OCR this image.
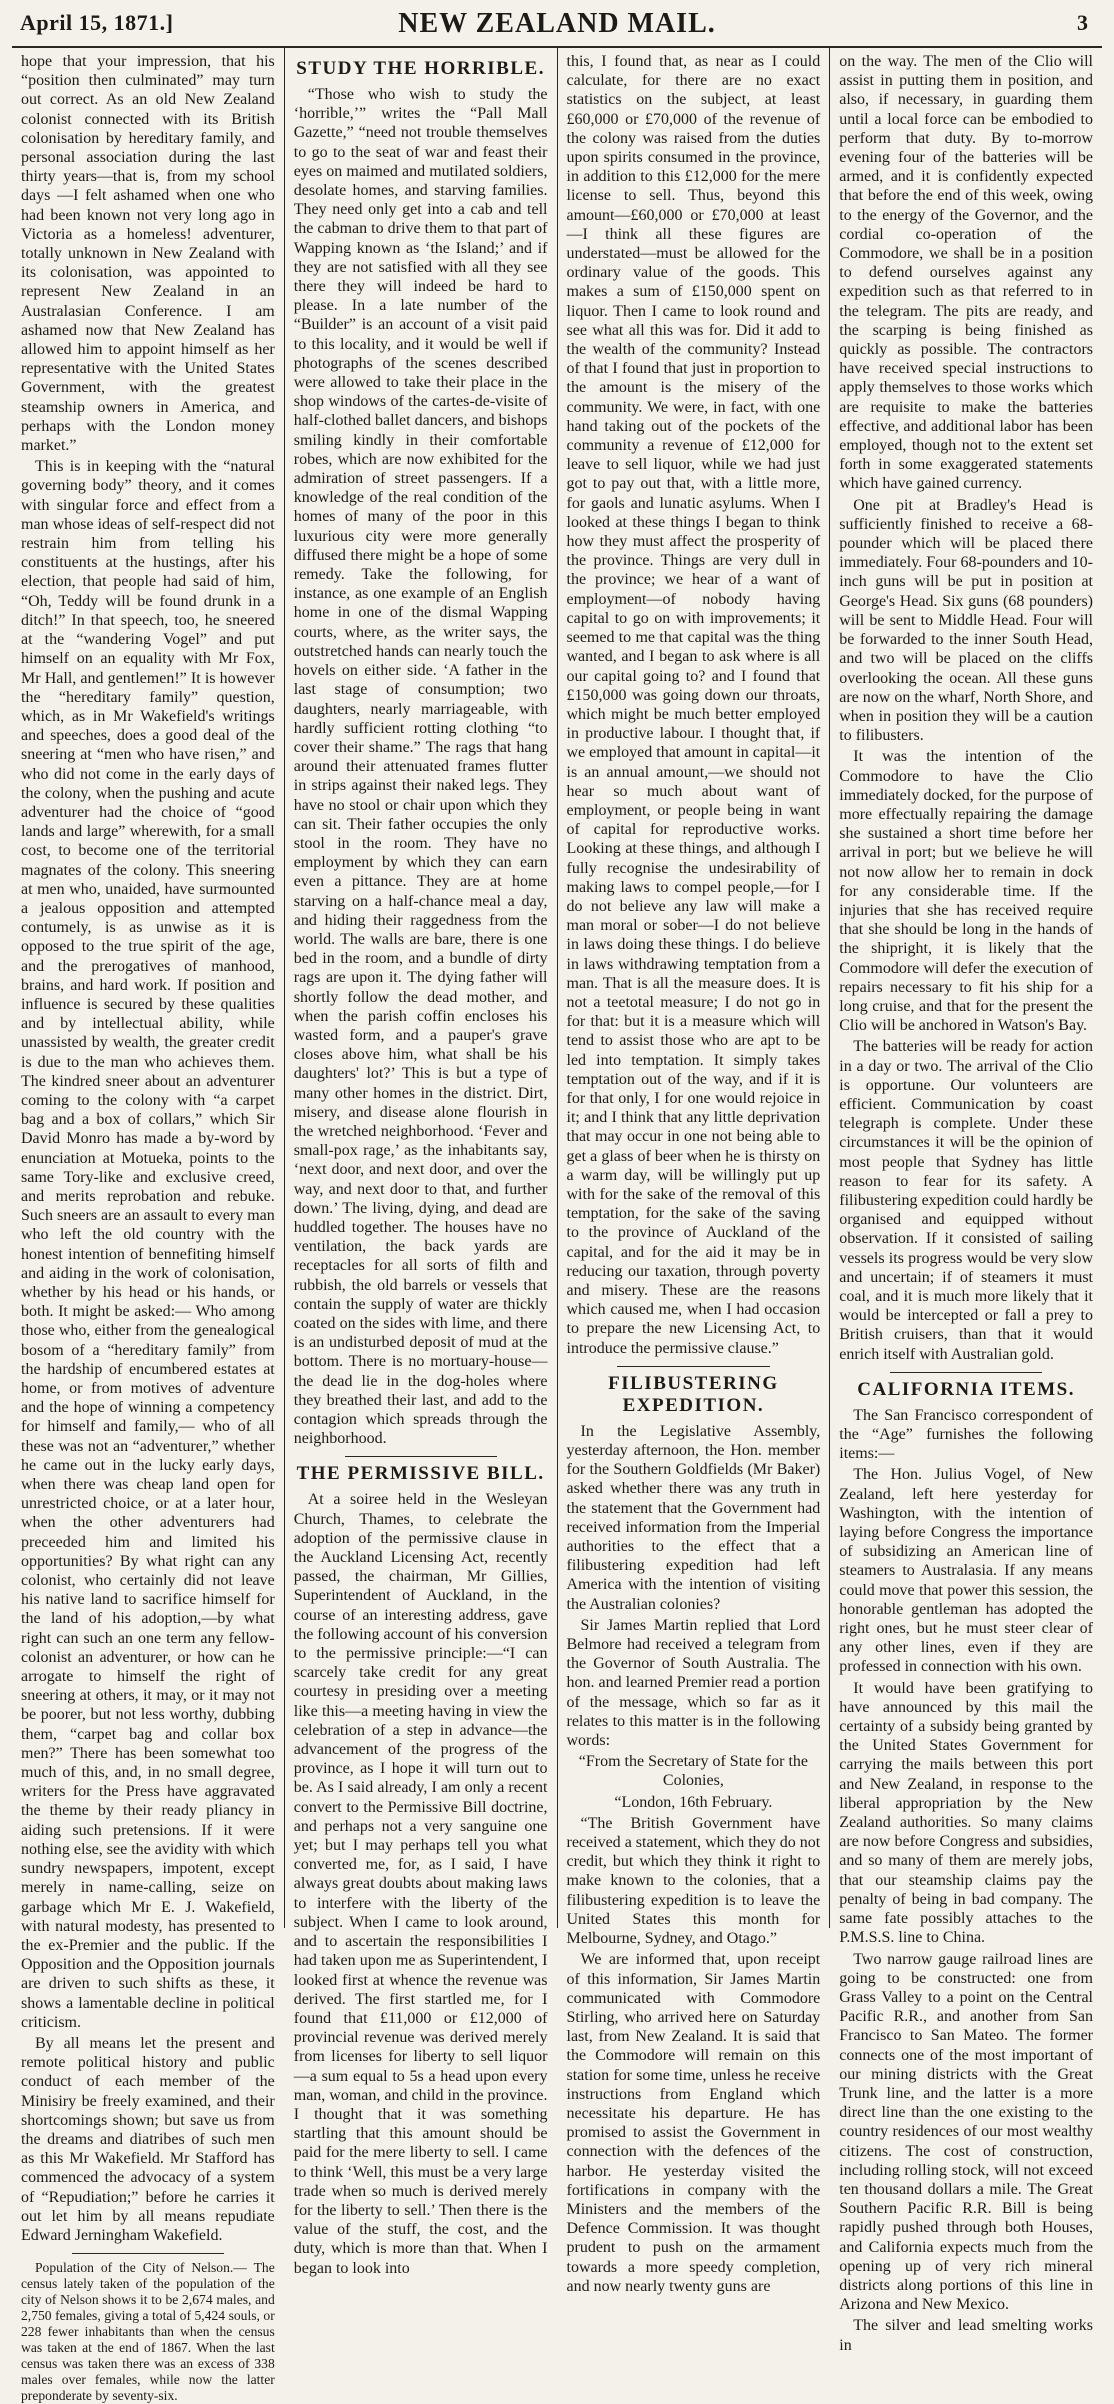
April 15, 1871.]	NEW ZEALAND MAIL.	3

hope that your impression, that his “position then culminated” may turn out correct. As an old New Zealand colonist connected with its British colonisation by hereditary family, and personal association during the last thirty years—that is, from my school days —I felt ashamed when one who had been known not very long ago in Victoria as a homeless! adventurer, totally unknown in New Zealand with its colonisation, was appointed to represent New Zealand in an Australasian Conference. I am ashamed now that New Zealand has allowed him to appoint himself as her representative with the United States Government, with the greatest steamship owners in America, and perhaps with the London money market.”

This is in keeping with the “natural governing body” theory, and it comes with singular force and effect from a man whose ideas of self-respect did not restrain him from telling his constituents at the hustings, after his election, that people had said of him, “Oh, Teddy will be found drunk in a ditch!” In that speech, too, he sneered at the “wandering Vogel” and put himself on an equality with Mr Fox, Mr Hall, and gentlemen!” It is however the “hereditary family” question, which, as in Mr Wakefield's writings and speeches, does a good deal of the sneering at “men who have risen,” and who did not come in the early days of the colony, when the pushing and acute adventurer had the choice of “good lands and large” wherewith, for a small cost, to become one of the territorial magnates of the colony. This sneering at men who, unaided, have surmounted a jealous opposition and attempted contumely, is as unwise as it is opposed to the true spirit of the age, and the prerogatives of manhood, brains, and hard work. If position and influence is secured by these qualities and by intellectual ability, while unassisted by wealth, the greater credit is due to the man who achieves them. The kindred sneer about an adventurer coming to the colony with “a carpet bag and a box of collars,” which Sir David Monro has made a by-word by enunciation at Motueka, points to the same Tory-like and exclusive creed, and merits reprobation and rebuke. Such sneers are an assault to every man who left the old country with the honest intention of bennefiting himself and aiding in the work of colonisation, whether by his head or his hands, or both. It might be asked:— Who among those who, either from the genealogical bosom of a “hereditary family” from the hardship of encumbered estates at home, or from motives of adventure and the hope of winning a competency for himself and family,— who of all these was not an “adventurer,” whether he came out in the lucky early days, when there was cheap land open for unrestricted choice, or at a later hour, when the other adventurers had preceeded him and limited his opportunities? By what right can any colonist, who certainly did not leave his native land to sacrifice himself for the land of his adoption,—by what right can such an one term any fellow-colonist an adventurer, or how can he arrogate to himself the right of sneering at others, it may, or it may not be poorer, but not less worthy, dubbing them, “carpet bag and collar box men?” There has been somewhat too much of this, and, in no small degree, writers for the Press have aggravated the theme by their ready pliancy in aiding such pretensions. If it were nothing else, see the avidity with which sundry newspapers, impotent, except merely in name-calling, seize on garbage which Mr E. J. Wakefield, with natural modesty, has presented to the ex-Premier and the public. If the Opposition and the Opposition journals are driven to such shifts as these, it shows a lamentable decline in political criticism.

By all means let the present and remote political history and public conduct of each member of the Minisiry be freely examined, and their shortcomings shown; but save us from the dreams and diatribes of such men as this Mr Wakefield. Mr Stafford has commenced the advocacy of a system of “Repudiation;” before he carries it out let him by all means repudiate Edward Jerningham Wakefield.

Population of the City of Nelson.— The census lately taken of the population of the city of Nelson shows it to be 2,674 males, and 2,750 females, giving a total of 5,424 souls, or 228 fewer inhabitants than when the census was taken at the end of 1867. When the last census was taken there was an excess of 338 males over females, while now the latter preponderate by seventy-six.

STUDY THE HORRIBLE.

“Those who wish to study the ‘horrible,’” writes the “Pall Mall Gazette,” “need not trouble themselves to go to the seat of war and feast their eyes on maimed and mutilated soldiers, desolate homes, and starving families. They need only get into a cab and tell the cabman to drive them to that part of Wapping known as ‘the Island;’ and if they are not satisfied with all they see there they will indeed be hard to please. In a late number of the “Builder” is an account of a visit paid to this locality, and it would be well if photographs of the scenes described were allowed to take their place in the shop windows of the cartes-de-visite of half-clothed ballet dancers, and bishops smiling kindly in their comfortable robes, which are now exhibited for the admiration of street passengers. If a knowledge of the real condition of the homes of many of the poor in this luxurious city were more generally diffused there might be a hope of some remedy. Take the following, for instance, as one example of an English home in one of the dismal Wapping courts, where, as the writer says, the outstretched hands can nearly touch the hovels on either side. ‘A father in the last stage of consumption; two daughters, nearly marriageable, with hardly sufficient rotting clothing “to cover their shame.” The rags that hang around their attenuated frames flutter in strips against their naked legs. They have no stool or chair upon which they can sit. Their father occupies the only stool in the room. They have no employment by which they can earn even a pittance. They are at home starving on a half-chance meal a day, and hiding their raggedness from the world. The walls are bare, there is one bed in the room, and a bundle of dirty rags are upon it. The dying father will shortly follow the dead mother, and when the parish coffin encloses his wasted form, and a pauper's grave closes above him, what shall be his daughters' lot?’ This is but a type of many other homes in the district. Dirt, misery, and disease alone flourish in the wretched neighborhood. ‘Fever and small-pox rage,’ as the inhabitants say, ‘next door, and next door, and over the way, and next door to that, and further down.’ The living, dying, and dead are huddled together. The houses have no ventilation, the back yards are receptacles for all sorts of filth and rubbish, the old barrels or vessels that contain the supply of water are thickly coated on the sides with lime, and there is an undisturbed deposit of mud at the bottom. There is no mortuary-house—the dead lie in the dog-holes where they breathed their last, and add to the contagion which spreads through the neighborhood.

THE PERMISSIVE BILL.

At a soiree held in the Wesleyan Church, Thames, to celebrate the adoption of the permissive clause in the Auckland Licensing Act, recently passed, the chairman, Mr Gillies, Superintendent of Auckland, in the course of an interesting address, gave the following account of his conversion to the permissive principle:—“I can scarcely take credit for any great courtesy in presiding over a meeting like this—a meeting having in view the celebration of a step in advance—the advancement of the progress of the province, as I hope it will turn out to be. As I said already, I am only a recent convert to the Permissive Bill doctrine, and perhaps not a very sanguine one yet; but I may perhaps tell you what converted me, for, as I said, I have always great doubts about making laws to interfere with the liberty of the subject. When I came to look around, and to ascertain the responsibilities I had taken upon me as Superintendent, I looked first at whence the revenue was derived. The first startled me, for I found that £11,000 or £12,000 of provincial revenue was derived merely from licenses for liberty to sell liquor—a sum equal to 5s a head upon every man, woman, and child in the province. I thought that it was something startling that this amount should be paid for the mere liberty to sell. I came to think ‘Well, this must be a very large trade when so much is derived merely for the liberty to sell.’ Then there is the value of the stuff, the cost, and the duty, which is more than that. When I began to look into

this, I found that, as near as I could calculate, for there are no exact statistics on the subject, at least £60,000 or £70,000 of the revenue of the colony was raised from the duties upon spirits consumed in the province, in addition to this £12,000 for the mere license to sell. Thus, beyond this amount—£60,000 or £70,000 at least—I think all these figures are understated—must be allowed for the ordinary value of the goods. This makes a sum of £150,000 spent on liquor. Then I came to look round and see what all this was for. Did it add to the wealth of the community? Instead of that I found that just in proportion to the amount is the misery of the community. We were, in fact, with one hand taking out of the pockets of the community a revenue of £12,000 for leave to sell liquor, while we had just got to pay out that, with a little more, for gaols and lunatic asylums. When I looked at these things I began to think how they must affect the prosperity of the province. Things are very dull in the province; we hear of a want of employment—of nobody having capital to go on with improvements; it seemed to me that capital was the thing wanted, and I began to ask where is all our capital going to? and I found that £150,000 was going down our throats, which might be much better employed in productive labour. I thought that, if we employed that amount in capital—it is an annual amount,—we should not hear so much about want of employment, or people being in want of capital for reproductive works. Looking at these things, and although I fully recognise the undesirability of making laws to compel people,—for I do not believe any law will make a man moral or sober—I do not believe in laws doing these things. I do believe in laws withdrawing temptation from a man. That is all the measure does. It is not a teetotal measure; I do not go in for that: but it is a measure which will tend to assist those who are apt to be led into temptation. It simply takes temptation out of the way, and if it is for that only, I for one would rejoice in it; and I think that any little deprivation that may occur in one not being able to get a glass of beer when he is thirsty on a warm day, will be willingly put up with for the sake of the removal of this temptation, for the sake of the saving to the province of Auckland of the capital, and for the aid it may be in reducing our taxation, through poverty and misery. These are the reasons which caused me, when I had occasion to prepare the new Licensing Act, to introduce the permissive clause.”

FILIBUSTERING EXPEDITION.

In the Legislative Assembly, yesterday afternoon, the Hon. member for the Southern Goldfields (Mr Baker) asked whether there was any truth in the statement that the Government had received information from the Imperial authorities to the effect that a filibustering expedition had left America with the intention of visiting the Australian colonies?

Sir James Martin replied that Lord Belmore had received a telegram from the Governor of South Australia. The hon. and learned Premier read a portion of the message, which so far as it relates to this matter is in the following words:

“From the Secretary of State for the Colonies,

“London, 16th February.

“The British Government have received a statement, which they do not credit, but which they think it right to make known to the colonies, that a filibustering expedition is to leave the United States this month for Melbourne, Sydney, and Otago.”

We are informed that, upon receipt of this information, Sir James Martin communicated with Commodore Stirling, who arrived here on Saturday last, from New Zealand. It is said that the Commodore will remain on this station for some time, unless he receive instructions from England which necessitate his departure. He has promised to assist the Government in connection with the defences of the harbor. He yesterday visited the fortifications in company with the Ministers and the members of the Defence Commission. It was thought prudent to push on the armament towards a more speedy completion, and now nearly twenty guns are

on the way. The men of the Clio will assist in putting them in position, and also, if necessary, in guarding them until a local force can be embodied to perform that duty. By to-morrow evening four of the batteries will be armed, and it is confidently expected that before the end of this week, owing to the energy of the Governor, and the cordial co-operation of the Commodore, we shall be in a position to defend ourselves against any expedition such as that referred to in the telegram. The pits are ready, and the scarping is being finished as quickly as possible. The contractors have received special instructions to apply themselves to those works which are requisite to make the batteries effective, and additional labor has been employed, though not to the extent set forth in some exaggerated statements which have gained currency.

One pit at Bradley's Head is sufficiently finished to receive a 68-pounder which will be placed there immediately. Four 68-pounders and 10-inch guns will be put in position at George's Head. Six guns (68 pounders) will be sent to Middle Head. Four will be forwarded to the inner South Head, and two will be placed on the cliffs overlooking the ocean. All these guns are now on the wharf, North Shore, and when in position they will be a caution to filibusters.

It was the intention of the Commodore to have the Clio immediately docked, for the purpose of more effectually repairing the damage she sustained a short time before her arrival in port; but we believe he will not now allow her to remain in dock for any considerable time. If the injuries that she has received require that she should be long in the hands of the shipright, it is likely that the Commodore will defer the execution of repairs necessary to fit his ship for a long cruise, and that for the present the Clio will be anchored in Watson's Bay.

The batteries will be ready for action in a day or two. The arrival of the Clio is opportune. Our volunteers are efficient. Communication by coast telegraph is complete. Under these circumstances it will be the opinion of most people that Sydney has little reason to fear for its safety. A filibustering expedition could hardly be organised and equipped without observation. If it consisted of sailing vessels its progress would be very slow and uncertain; if of steamers it must coal, and it is much more likely that it would be intercepted or fall a prey to British cruisers, than that it would enrich itself with Australian gold.

CALIFORNIA ITEMS.

The San Francisco correspondent of the “Age” furnishes the following items:—

The Hon. Julius Vogel, of New Zealand, left here yesterday for Washington, with the intention of laying before Congress the importance of subsidizing an American line of steamers to Australasia. If any means could move that power this session, the honorable gentleman has adopted the right ones, but he must steer clear of any other lines, even if they are professed in connection with his own.

It would have been gratifying to have announced by this mail the certainty of a subsidy being granted by the United States Government for carrying the mails between this port and New Zealand, in response to the liberal appropriation by the New Zealand authorities. So many claims are now before Congress and subsidies, and so many of them are merely jobs, that our steamship claims pay the penalty of being in bad company. The same fate possibly attaches to the P.M.S.S. line to China.

Two narrow gauge railroad lines are going to be constructed: one from Grass Valley to a point on the Central Pacific R.R., and another from San Francisco to San Mateo. The former connects one of the most important of our mining districts with the Great Trunk line, and the latter is a more direct line than the one existing to the country residences of our most wealthy citizens. The cost of construction, including rolling stock, will not exceed ten thousand dollars a mile. The Great Southern Pacific R.R. Bill is being rapidly pushed through both Houses, and California expects much from the opening up of very rich mineral districts along portions of this line in Arizona and New Mexico.

The silver and lead smelting works in
